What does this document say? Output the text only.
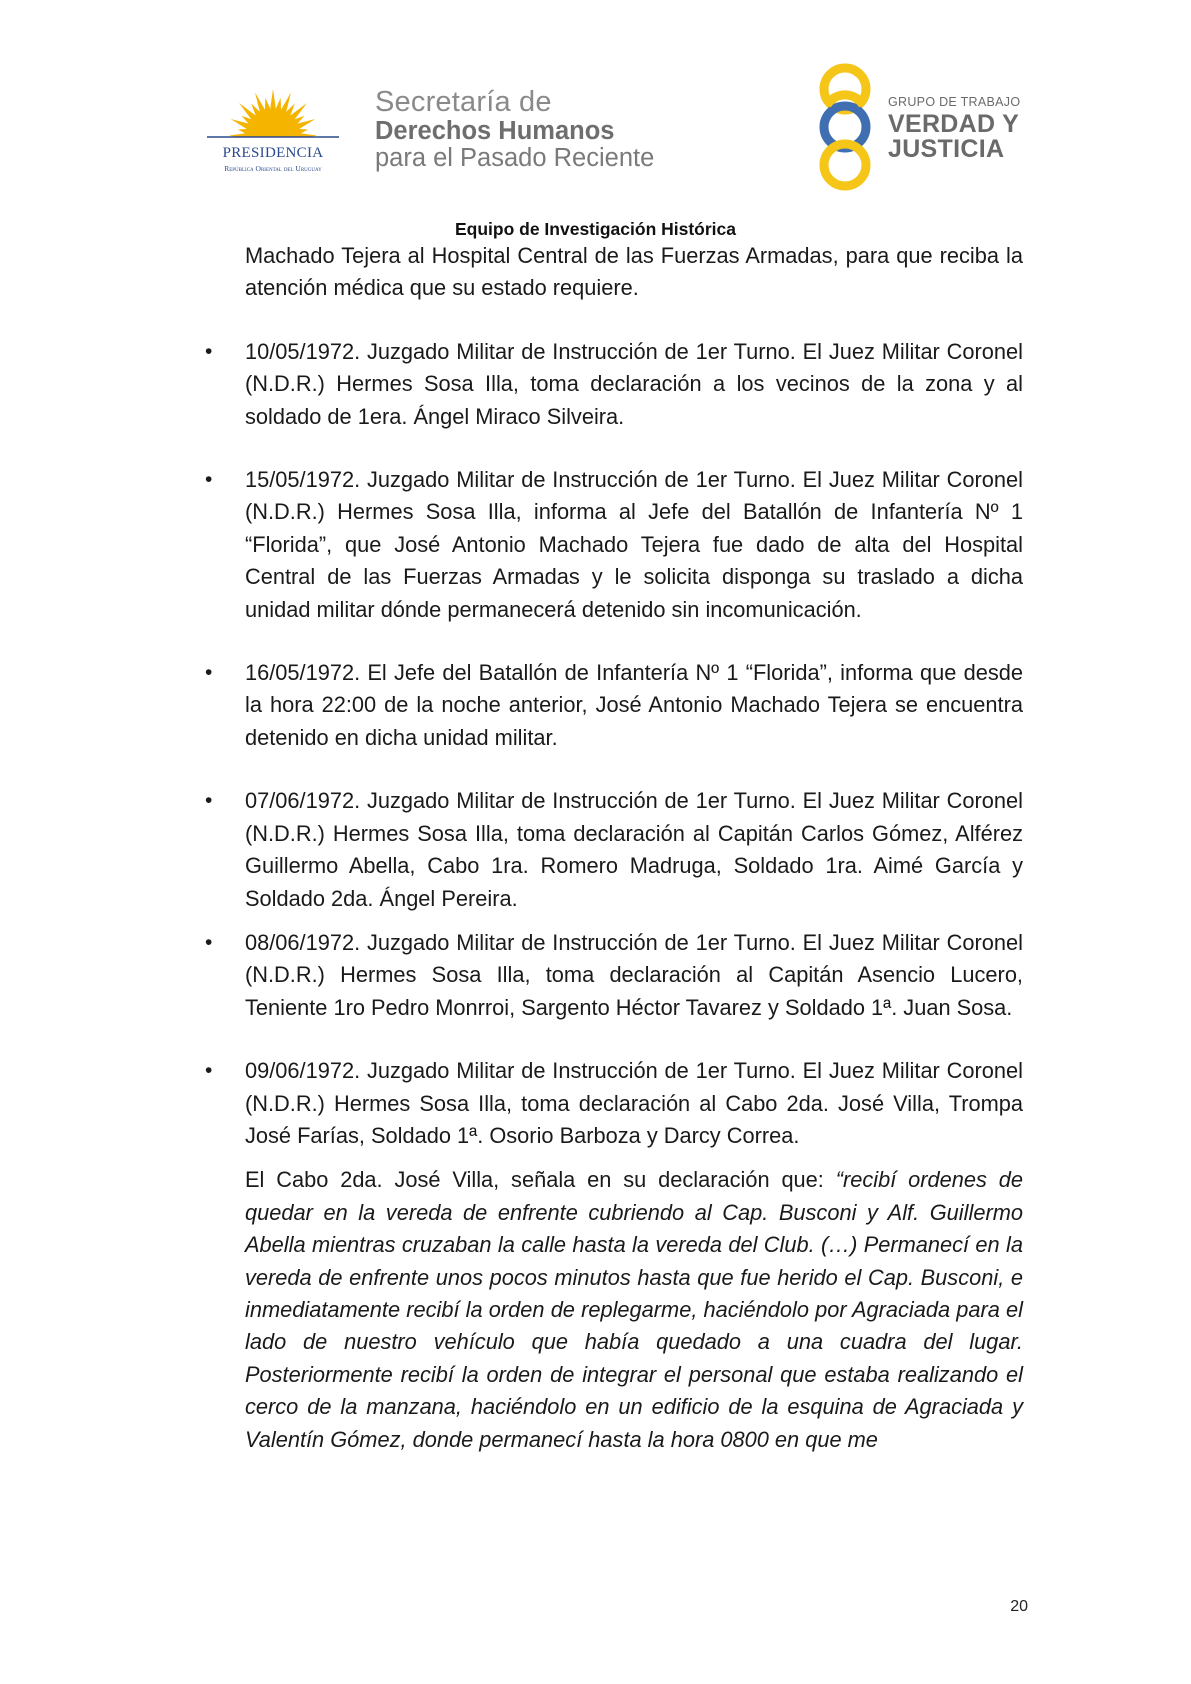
PRESIDENCIA
República Oriental del Uruguay
Secretaría de
Derechos Humanos
para el Pasado Reciente
GRUPO DE TRABAJO
VERDAD Y
JUSTICIA
Equipo de Investigación Histórica

Machado Tejera al Hospital Central de las Fuerzas Armadas, para que reciba la atención médica que su estado requiere.

• 10/05/1972. Juzgado Militar de Instrucción de 1er Turno. El Juez Militar Coronel (N.D.R.) Hermes Sosa Illa, toma declaración a los vecinos de la zona y al soldado de 1era. Ángel Miraco Silveira.

• 15/05/1972. Juzgado Militar de Instrucción de 1er Turno. El Juez Militar Coronel (N.D.R.) Hermes Sosa Illa, informa al Jefe del Batallón de Infantería Nº 1 “Florida”, que José Antonio Machado Tejera fue dado de alta del Hospital Central de las Fuerzas Armadas y le solicita disponga su traslado a dicha unidad militar dónde permanecerá detenido sin incomunicación.

• 16/05/1972. El Jefe del Batallón de Infantería Nº 1 “Florida”, informa que desde la hora 22:00 de la noche anterior, José Antonio Machado Tejera se encuentra detenido en dicha unidad militar.

• 07/06/1972. Juzgado Militar de Instrucción de 1er Turno. El Juez Militar Coronel (N.D.R.) Hermes Sosa Illa, toma declaración al Capitán Carlos Gómez, Alférez Guillermo Abella, Cabo 1ra. Romero Madruga, Soldado 1ra. Aimé García y Soldado 2da. Ángel Pereira.

• 08/06/1972. Juzgado Militar de Instrucción de 1er Turno. El Juez Militar Coronel (N.D.R.) Hermes Sosa Illa, toma declaración al Capitán Asencio Lucero, Teniente 1ro Pedro Monrroi, Sargento Héctor Tavarez y Soldado 1ª. Juan Sosa.

• 09/06/1972. Juzgado Militar de Instrucción de 1er Turno. El Juez Militar Coronel (N.D.R.) Hermes Sosa Illa, toma declaración al Cabo 2da. José Villa, Trompa José Farías, Soldado 1ª. Osorio Barboza y Darcy Correa.

El Cabo 2da. José Villa, señala en su declaración que: “recibí ordenes de quedar en la vereda de enfrente cubriendo al Cap. Busconi y Alf. Guillermo Abella mientras cruzaban la calle hasta la vereda del Club. (…) Permanecí en la vereda de enfrente unos pocos minutos hasta que fue herido el Cap. Busconi, e inmediatamente recibí la orden de replegarme, haciéndolo por Agraciada para el lado de nuestro vehículo que había quedado a una cuadra del lugar. Posteriormente recibí la orden de integrar el personal que estaba realizando el cerco de la manzana, haciéndolo en un edificio de la esquina de Agraciada y Valentín Gómez, donde permanecí hasta la hora 0800 en que me

20
